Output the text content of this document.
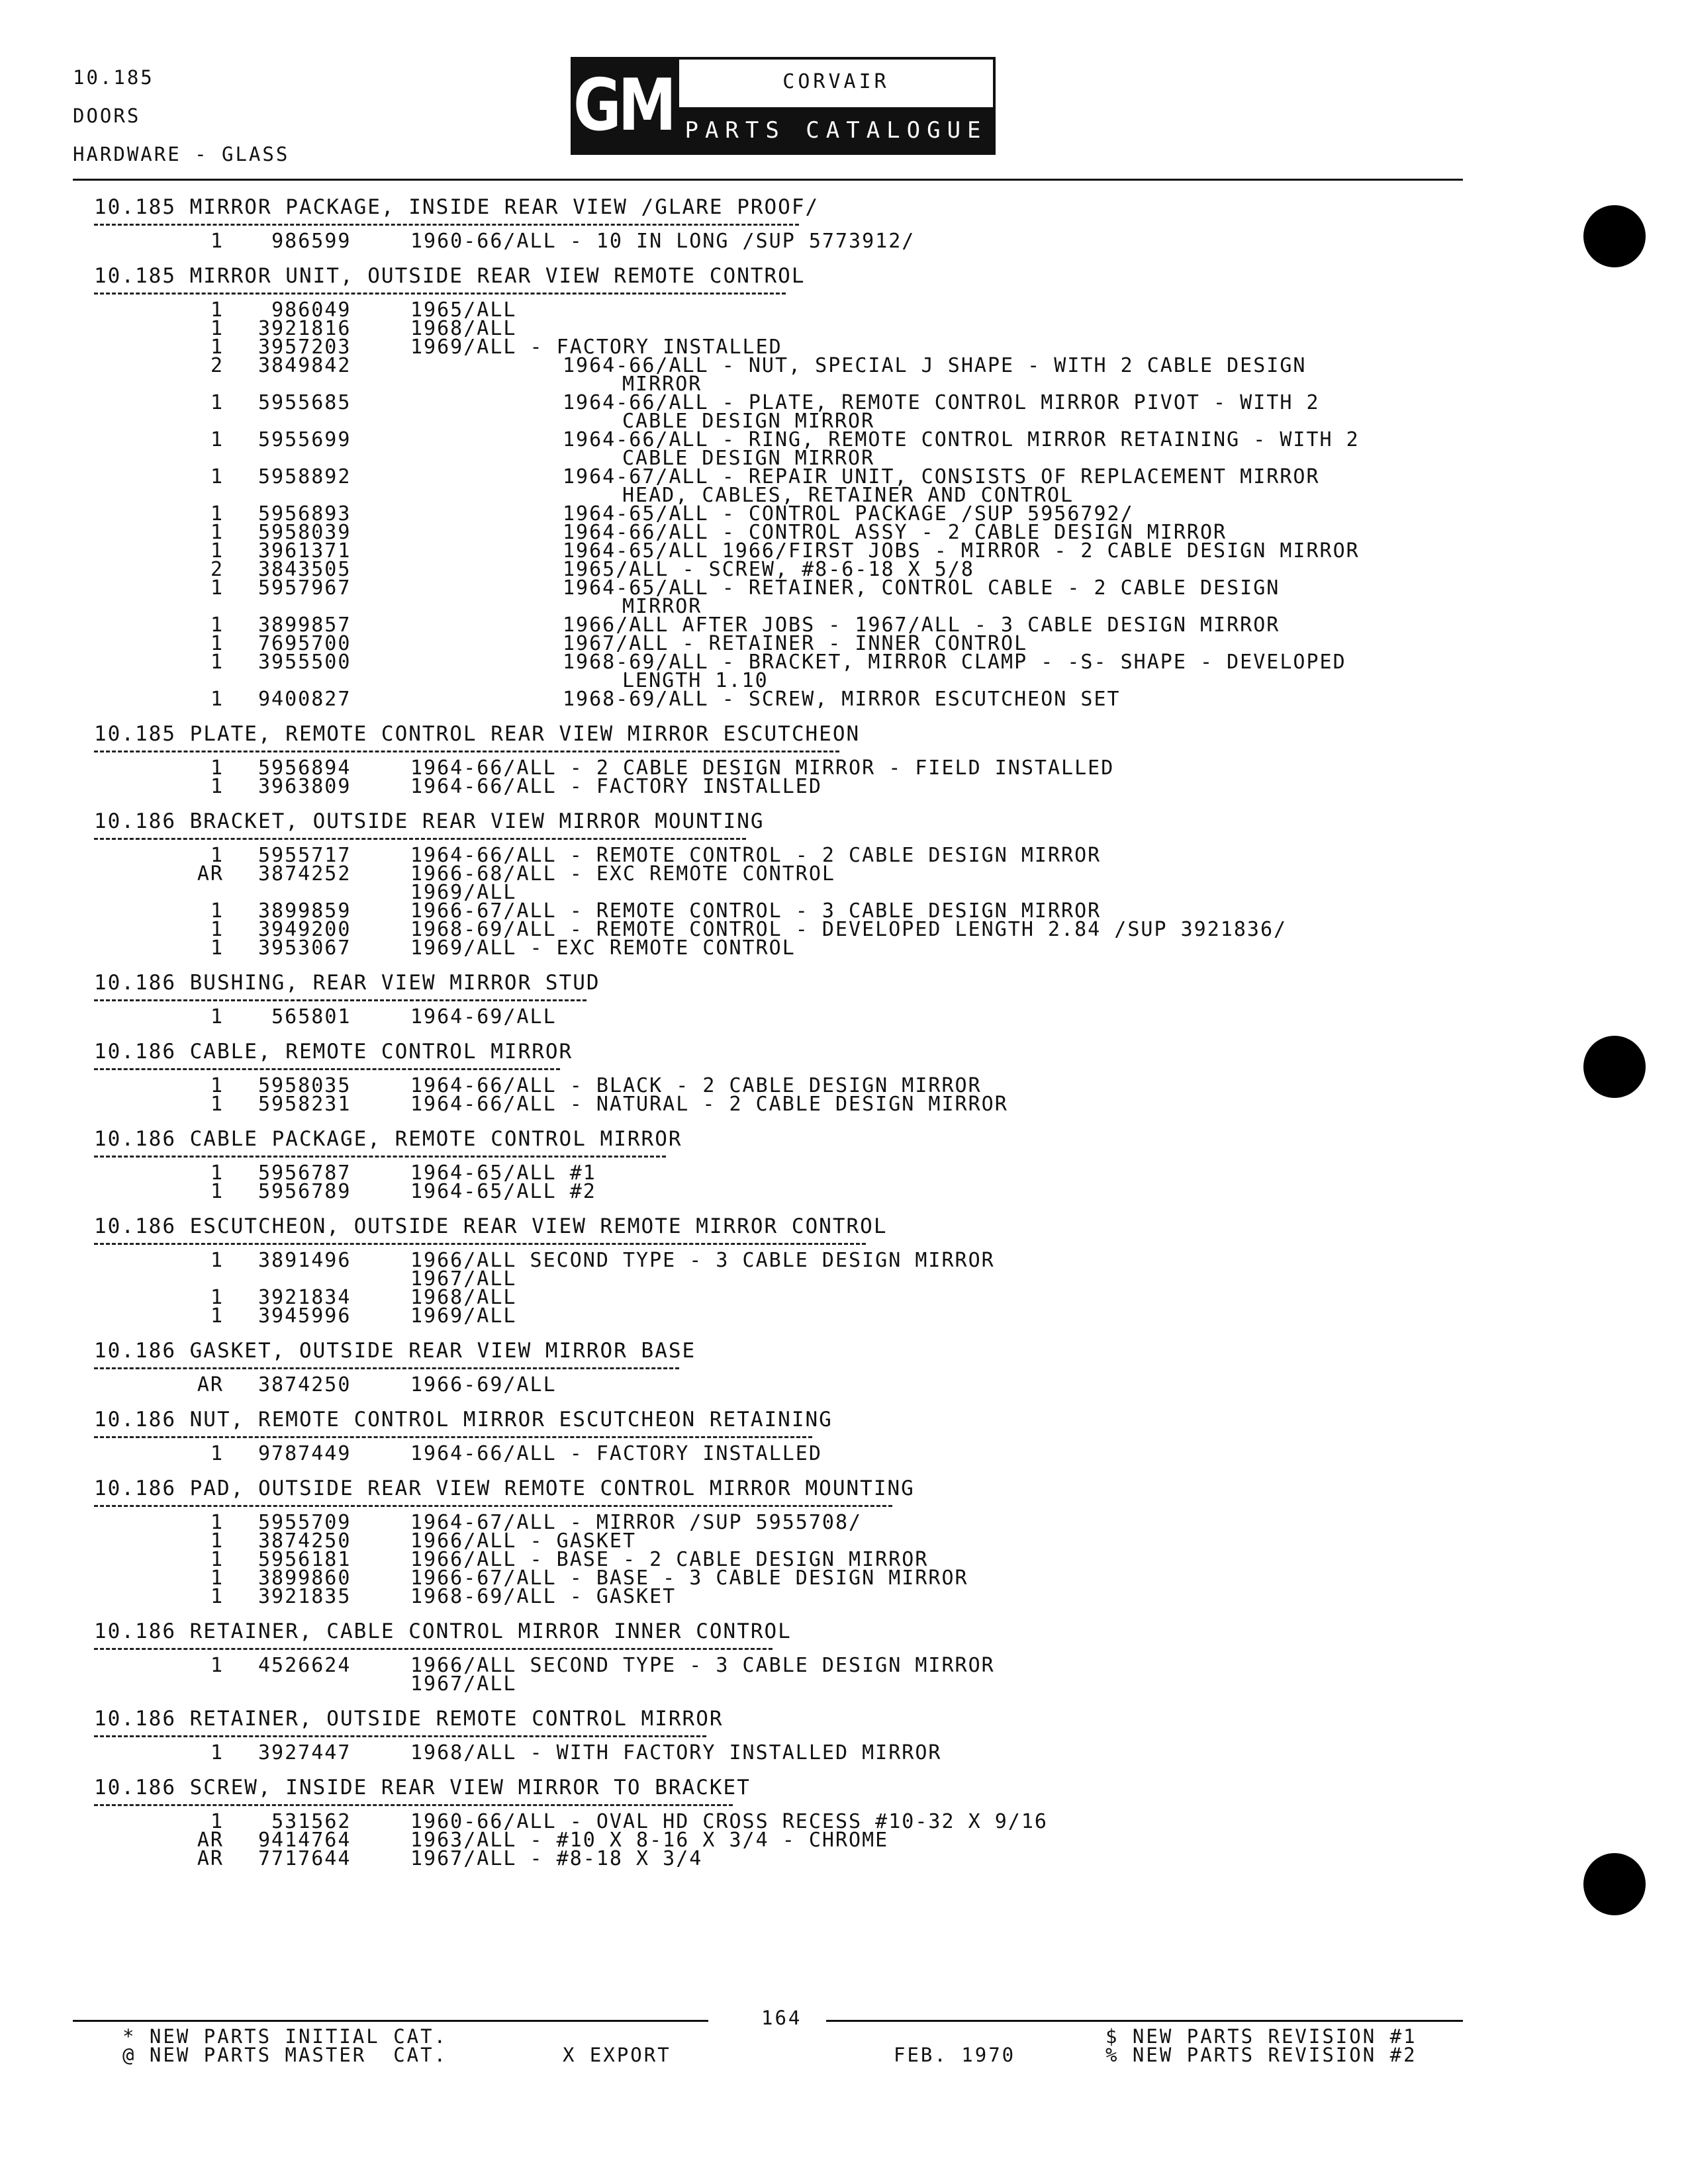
10.185
DOORS
HARDWARE - GLASS
GM	CORVAIR
PARTS CATALOGUE
10.185 MIRROR PACKAGE, INSIDE REAR VIEW /GLARE PROOF/
1 986599	1960-66/ALL - 10 IN LONG /SUP 5773912/
10.185 MIRROR UNIT, OUTSIDE REAR VIEW REMOTE CONTROL
1 986049	1965/ALL
1 3921816	1968/ALL
1 3957203	1969/ALL - FACTORY INSTALLED
2 3849842	1964-66/ALL - NUT, SPECIAL J SHAPE - WITH 2 CABLE DESIGN
MIRROR
1 5955685	1964-66/ALL - PLATE, REMOTE CONTROL MIRROR PIVOT - WITH 2
CABLE DESIGN MIRROR
1 5955699	1964-66/ALL - RING, REMOTE CONTROL MIRROR RETAINING - WITH 2
CABLE DESIGN MIRROR
1 5958892	1964-67/ALL - REPAIR UNIT, CONSISTS OF REPLACEMENT MIRROR
HEAD, CABLES, RETAINER AND CONTROL
1 5956893	1964-65/ALL - CONTROL PACKAGE /SUP 5956792/
1 5958039	1964-66/ALL - CONTROL ASSY - 2 CABLE DESIGN MIRROR
1 3961371	1964-65/ALL 1966/FIRST JOBS - MIRROR - 2 CABLE DESIGN MIRROR
2 3843505	1965/ALL - SCREW, #8-6-18 X 5/8
1 5957967	1964-65/ALL - RETAINER, CONTROL CABLE - 2 CABLE DESIGN
MIRROR
1 3899857	1966/ALL AFTER JOBS - 1967/ALL - 3 CABLE DESIGN MIRROR
1 7695700	1967/ALL - RETAINER - INNER CONTROL
1 3955500	1968-69/ALL - BRACKET, MIRROR CLAMP - -S- SHAPE - DEVELOPED
LENGTH 1.10
1 9400827	1968-69/ALL - SCREW, MIRROR ESCUTCHEON SET
10.185 PLATE, REMOTE CONTROL REAR VIEW MIRROR ESCUTCHEON
1 5956894	1964-66/ALL - 2 CABLE DESIGN MIRROR - FIELD INSTALLED
1 3963809	1964-66/ALL - FACTORY INSTALLED
10.186 BRACKET, OUTSIDE REAR VIEW MIRROR MOUNTING
1 5955717	1964-66/ALL - REMOTE CONTROL - 2 CABLE DESIGN MIRROR
AR 3874252	1966-68/ALL - EXC REMOTE CONTROL
1969/ALL
1 3899859	1966-67/ALL - REMOTE CONTROL - 3 CABLE DESIGN MIRROR
1 3949200	1968-69/ALL - REMOTE CONTROL - DEVELOPED LENGTH 2.84 /SUP 3921836/
1 3953067	1969/ALL - EXC REMOTE CONTROL
10.186 BUSHING, REAR VIEW MIRROR STUD
1 565801	1964-69/ALL
10.186 CABLE, REMOTE CONTROL MIRROR
1 5958035	1964-66/ALL - BLACK - 2 CABLE DESIGN MIRROR
1 5958231	1964-66/ALL - NATURAL - 2 CABLE DESIGN MIRROR
10.186 CABLE PACKAGE, REMOTE CONTROL MIRROR
1 5956787	1964-65/ALL #1
1 5956789	1964-65/ALL #2
10.186 ESCUTCHEON, OUTSIDE REAR VIEW REMOTE MIRROR CONTROL
1 3891496	1966/ALL SECOND TYPE - 3 CABLE DESIGN MIRROR
1967/ALL
1 3921834	1968/ALL
1 3945996	1969/ALL
10.186 GASKET, OUTSIDE REAR VIEW MIRROR BASE
AR 3874250	1966-69/ALL
10.186 NUT, REMOTE CONTROL MIRROR ESCUTCHEON RETAINING
1 9787449	1964-66/ALL - FACTORY INSTALLED
10.186 PAD, OUTSIDE REAR VIEW REMOTE CONTROL MIRROR MOUNTING
1 5955709	1964-67/ALL - MIRROR /SUP 5955708/
1 3874250	1966/ALL - GASKET
1 5956181	1966/ALL - BASE - 2 CABLE DESIGN MIRROR
1 3899860	1966-67/ALL - BASE - 3 CABLE DESIGN MIRROR
1 3921835	1968-69/ALL - GASKET
10.186 RETAINER, CABLE CONTROL MIRROR INNER CONTROL
1 4526624	1966/ALL SECOND TYPE - 3 CABLE DESIGN MIRROR
1967/ALL
10.186 RETAINER, OUTSIDE REMOTE CONTROL MIRROR
1 3927447	1968/ALL - WITH FACTORY INSTALLED MIRROR
10.186 SCREW, INSIDE REAR VIEW MIRROR TO BRACKET
1 531562	1960-66/ALL - OVAL HD CROSS RECESS #10-32 X 9/16
AR 9414764	1963/ALL - #10 X 8-16 X 3/4 - CHROME
AR 7717644	1967/ALL - #8-18 X 3/4
164
* NEW PARTS INITIAL CAT.
@ NEW PARTS MASTER  CAT.	X EXPORT	FEB. 1970
$ NEW PARTS REVISION #1
% NEW PARTS REVISION #2
